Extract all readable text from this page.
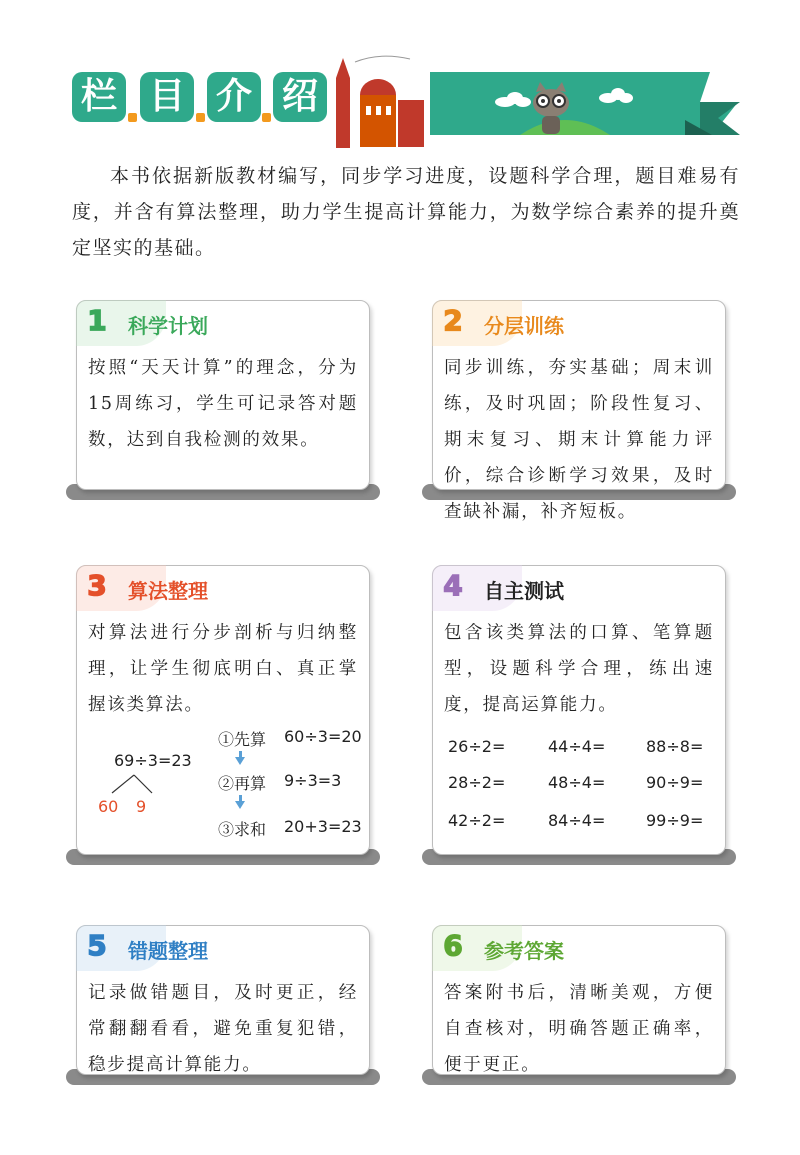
栏 目 介 绍
本书依据新版教材编写，同步学习进度，设题科学合理，题目难易有度，并含有算法整理，助力学生提高计算能力，为数学综合素养的提升奠定坚实的基础。
1 科学计划
按照“天天计算”的理念，分为15周练习，学生可记录答对题数，达到自我检测的效果。
2 分层训练
同步训练，夯实基础；周末训练，及时巩固；阶段性复习、期末复习、期末计算能力评价，综合诊断学习效果，及时查缺补漏，补齐短板。
3 算法整理
对算法进行分步剖析与归纳整理，让学生彻底明白、真正掌握该类算法。
69÷3=23
60 9
①先算 60÷3=20
②再算 9÷3=3
③求和 20+3=23
4 自主测试
包含该类算法的口算、笔算题型，设题科学合理，练出速度，提高运算能力。
26÷2=	44÷4=	88÷8=
28÷2=	48÷4=	90÷9=
42÷2=	84÷4=	99÷9=
5 错题整理
记录做错题目，及时更正，经常翻翻看看，避免重复犯错，稳步提高计算能力。
6 参考答案
答案附书后，清晰美观，方便自查核对，明确答题正确率，便于更正。
